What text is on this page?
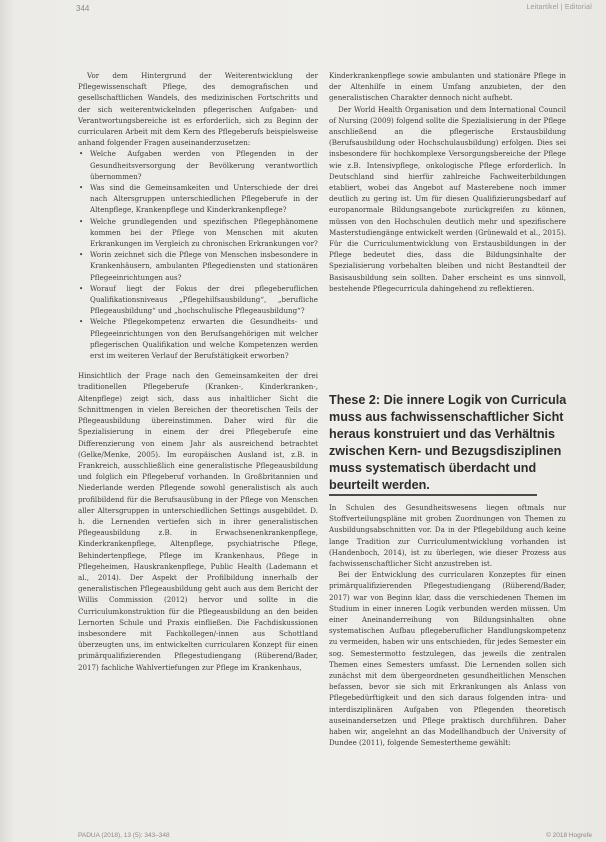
344	Leitartikel | Editorial

Vor dem Hintergrund der Weiterentwicklung der Pflegewissenschaft Pflege, des demografischen und gesellschaftlichen Wandels, des medizinischen Fortschritts und der sich weiterentwickelnden pflegerischen Aufgaben- und Verantwortungsbereiche ist es erforderlich, sich zu Beginn der curricularen Arbeit mit dem Kern des Pflegeberufs beispielsweise anhand folgender Fragen auseinanderzusetzen:

• Welche Aufgaben werden von Pflegenden in der Gesundheitsversorgung der Bevölkerung verantwortlich übernommen?
• Was sind die Gemeinsamkeiten und Unterschiede der drei nach Altersgruppen unterschiedlichen Pflegeberufe in der Altenpflege, Krankenpflege und Kinderkrankenpflege?
• Welche grundlegenden und spezifischen Pflegephänomene kommen bei der Pflege von Menschen mit akuten Erkrankungen im Vergleich zu chronischen Erkrankungen vor?
• Worin zeichnet sich die Pflege von Menschen insbesondere in Krankenhäusern, ambulanten Pflegediensten und stationären Pflegeeinrichtungen aus?
• Worauf liegt der Fokus der drei pflegeberuflichen Qualifikationsniveaus „Pflegehilfsausbildung“, „berufliche Pflegeausbildung“ und „hochschulische Pflegeausbildung“?
• Welche Pflegekompetenz erwarten die Gesundheits- und Pflegeeinrichtungen von den Berufsangehörigen mit welcher pflegerischen Qualifikation und welche Kompetenzen werden erst im weiteren Verlauf der Berufstätigkeit erworben?

Hinsichtlich der Frage nach den Gemeinsamkeiten der drei traditionellen Pflegeberufe (Kranken-, Kinderkranken-, Altenpflege) zeigt sich, dass aus inhaltlicher Sicht die Schnittmengen in vielen Bereichen der theoretischen Teils der Pflegeausbildung übereinstimmen. Daher wird für die Spezialisierung in einem der drei Pflegeberufe eine Differenzierung von einem Jahr als ausreichend betrachtet (Gelke/Menke, 2005). Im europäischen Ausland ist, z.B. in Frankreich, ausschließlich eine generalistische Pflegeausbildung und folglich ein Pflegeberuf vorhanden. In Großbritannien und Niederlande werden Pflegende sowohl generalistisch als auch profilbildend für die Berufsausübung in der Pflege von Menschen aller Altersgruppen in unterschiedlichen Settings ausgebildet. D. h. die Lernenden vertiefen sich in ihrer generalistischen Pflegeausbildung z.B. in Erwachsenenkrankenpflege, Kinderkrankenpflege, Altenpflege, psychiatrische Pflege, Behindertenpflege, Pflege im Krankenhaus, Pflege in Pflegeheimen, Hauskrankenpflege, Public Health (Lademann et al., 2014). Der Aspekt der Profilbildung innerhalb der generalistischen Pflegeausbildung geht auch aus dem Bericht der Willis Commission (2012) hervor und sollte in die Curriculumkonstruktion für die Pflegeausbildung an den beiden Lernorten Schule und Praxis einfließen. Die Fachdiskussionen insbesondere mit Fachkollegen/-innen aus Schottland überzeugten uns, im entwickelten curricularen Konzept für einen primärqualifizierenden Pflegestudiengang (Rüberend/Bader, 2017) fachliche Wahlvertiefungen zur Pflege im Krankenhaus,

Kinderkrankenpflege sowie ambulanten und stationäre Pflege in der Altenhilfe in einem Umfang anzubieten, der den generalistischen Charakter dennoch nicht aufhebt.

Der World Health Organisation und dem International Council of Nursing (2009) folgend sollte die Spezialisierung in der Pflege anschließend an die pflegerische Erstausbildung (Berufsausbildung oder Hochschulausbildung) erfolgen. Dies sei insbesondere für hochkomplexe Versorgungsbereiche der Pflege wie z.B. Intensivpflege, onkologische Pflege erforderlich. In Deutschland sind hierfür zahlreiche Fachweiterbildungen etabliert, wobei das Angebot auf Masterebene noch immer deutlich zu gering ist. Um für diesen Qualifizierungsbedarf auf europanormale Bildungsangebote zurückgreifen zu können, müssen von den Hochschulen deutlich mehr und spezifischere Masterstudiengänge entwickelt werden (Grünewald et al., 2015). Für die Curriculumentwicklung von Erstausbildungen in der Pflege bedeutet dies, dass die Bildungsinhalte der Spezialisierung vorbehalten bleiben und nicht Bestandteil der Basisausbildung sein sollten. Daher erscheint es uns sinnvoll, bestehende Pflegecurricula dahingehend zu reflektieren.

These 2: Die innere Logik von Curricula muss aus fachwissenschaftlicher Sicht heraus konstruiert und das Verhältnis zwischen Kern- und Bezugsdisziplinen muss systematisch überdacht und beurteilt werden.

In Schulen des Gesundheitswesens liegen oftmals nur Stoffverteilungspläne mit groben Zuordnungen von Themen zu Ausbildungsabschnitten vor. Da in der Pflegebildung auch keine lange Tradition zur Curriculumentwicklung vorhanden ist (Handenboch, 2014), ist zu überlegen, wie dieser Prozess aus fachwissenschaftlicher Sicht anzustreben ist.

Bei der Entwicklung des curricularen Konzeptes für einen primärqualifizierenden Pflegestudiengang (Rüberend/Bader, 2017) war von Beginn klar, dass die verschiedenen Themen im Studium in einer inneren Logik verbunden werden müssen. Um einer Aneinanderreihung von Bildungsinhalten ohne systematischen Aufbau pflegeberuflicher Handlungskompetenz zu vermeiden, haben wir uns entschieden, für jedes Semester ein sog. Semestermotto festzulegen, das jeweils die zentralen Themen eines Semesters umfasst. Die Lernenden sollen sich zunächst mit dem übergeordneten gesundheitlichen Menschen befassen, bevor sie sich mit Erkrankungen als Anlass von Pflegebedürftigkeit und den sich daraus folgenden intra- und interdisziplinären Aufgaben von Pflegenden theoretisch auseinandersetzen und Pflege praktisch durchführen. Daher haben wir, angelehnt an das Modellhandbuch der University of Dundee (2011), folgende Semestertheme gewählt:

PADUA (2018), 13 (5): 343–348	© 2018 Hogrefe
